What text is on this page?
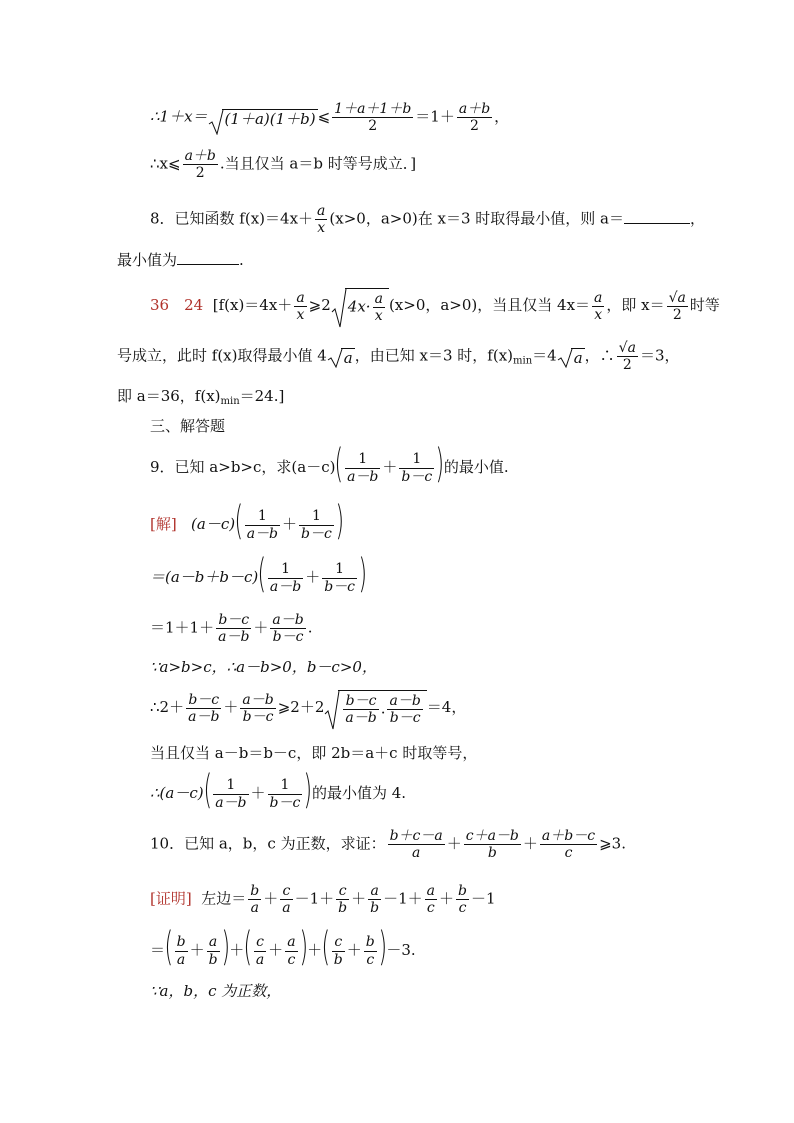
∴1＋x＝ (1＋a)(1＋b) ⩽ $\frac{1+a+1+b}{2} =1+ \frac{a+b}{2}$ ，
∴x⩽ $\frac{a+b}{2}$ .当且仅当 a＝b 时等号成立．]
8．已知函数 $f(x)=4x+ \frac{a}{x} (x>0$，a>0)在 x＝3 时取得最小值，则 a＝	，
最小值为	.
36　24 [$f(x)=4x+ \frac{a}{x}$ ⩾2 $4x\cdot \frac{a}{x} (x>0$，a>0)，当且仅当 $4x= \frac{a}{x}$ ，即 $x= \frac{√a}{2}$ 时等
号成立，此时 f(x)取得最小值 4 a ，由已知 x＝3 时，$f(x)_{min}=4$ a ，∴ $\frac{√a}{2} =3$，
即 a＝36，$f(x)_{min}=24$.]
三、解答题
9．已知 a>b>c，求$(a-c)( \frac{1}{a-b} + \frac{1}{b-c}$ )的最小值.
[解] $(a-c)( \frac{1}{a-b} + \frac{1}{b-c}$ )
$=(a-b+b-c)( \frac{1}{a-b} + \frac{1}{b-c}$ )
$=1+1+ \frac{b-c}{a-b} + \frac{a-b}{b-c}$ .
∵a>b>c，∴a－b>0，b－c>0，
∴2＋ $\frac{b-c}{a-b} + \frac{a-b}{b-c}$ ⩾2＋2 $\frac{b-c}{a-b}$ . $\frac{a-b}{b-c} =4$，
当且仅当 a－b＝b－c，即 2b＝a＋c 时取等号，
∴(a－c)( $\frac{1}{a-b} + \frac{1}{b-c}$ )的最小值为 4.
10．已知 a，b，c 为正数，求证： $\frac{b+c-a}{a} + \frac{c+a-b}{b} + \frac{a+b-c}{c}$ ⩾3.
[证明] 左边＝ $\frac{b}{a} + \frac{c}{a} -1+ \frac{c}{b} + \frac{a}{b} -1+ \frac{a}{c} + \frac{b}{c} -1$
＝( $\frac{b}{a} + \frac{a}{b}$ )＋( $\frac{c}{a} + \frac{a}{c}$ )＋( $\frac{c}{b} + \frac{b}{c} )-3$.
∵a，b，c 为正数，
